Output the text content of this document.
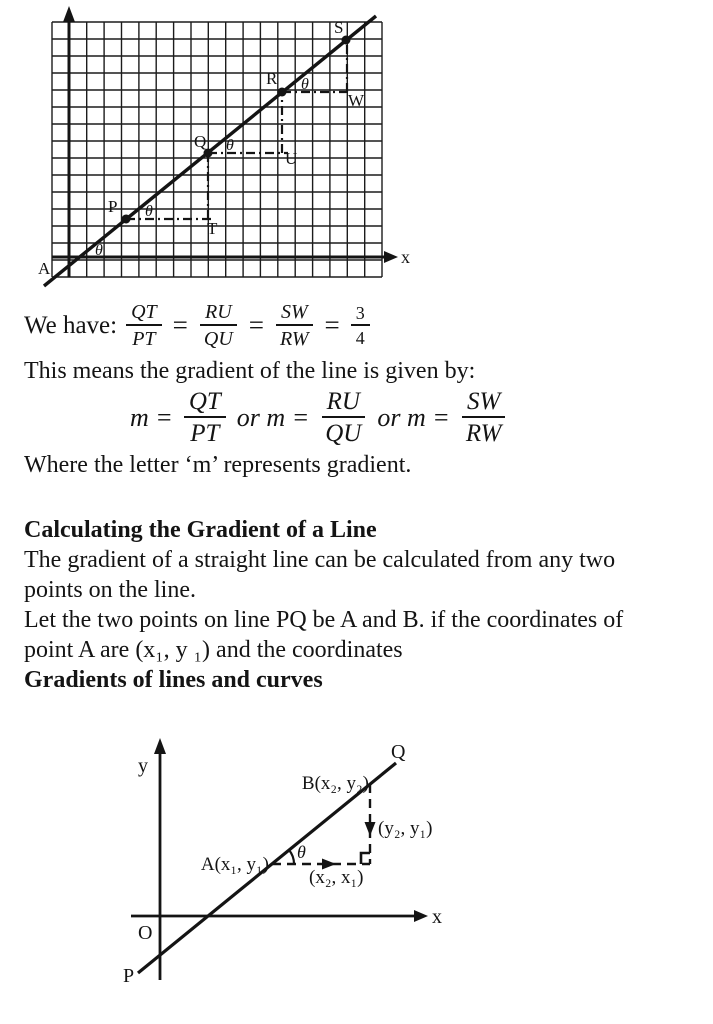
x
A
P
Q
R
S
T
U
W
θ
θ
θ
θ
We have: $\frac{QT}{PT} = \frac{RU}{QU} = \frac{SW}{RW} = \frac{3}{4}$
This means the gradient of the line is given by:
$m = \frac{QT}{PT}$ or $m = \frac{RU}{QU}$ or $m = \frac{SW}{RW}$
Where the letter ‘m’ represents gradient.
Calculating the Gradient of a Line
The gradient of a straight line can be calculated from any two
points on the line.
Let the two points on line PQ be A and B. if the coordinates of
point A are (x₁, y ₁) and the coordinates
Gradients of lines and curves
y
x
O
P
Q
A(x₁, y₁)
B(x₂, y₂)
(y₂, y₁)
(x₂, x₁)
θ
